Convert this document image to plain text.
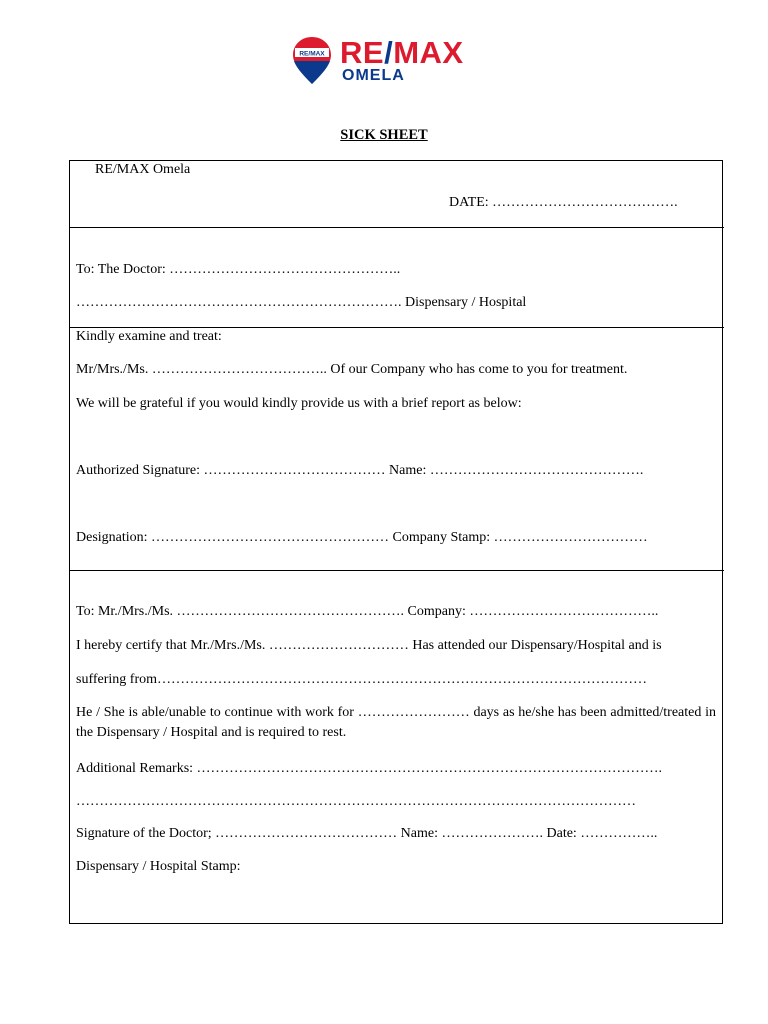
RE/MAX RE/MAX
OMELA
SICK SHEET
RE/MAX Omela
DATE: ………………………………….
To: The Doctor: …………………………………………..
……………………………………………………………. Dispensary / Hospital
Kindly examine and treat:
Mr/Mrs./Ms. ……………………………….. Of our Company who has come to you for treatment.
We will be grateful if you would kindly provide us with a brief report as below:
Authorized Signature: ………………………………… Name: ……………………………………….
Designation: …………………………………………… Company Stamp: ……………………………
To: Mr./Mrs./Ms. …………………………………………. Company: …………………………………..
I hereby certify that Mr./Mrs./Ms. ………………………… Has attended our Dispensary/Hospital and is
suffering from……………………………………………………………………………………………
He / She is able/unable to continue with work for …………………… days as he/she has been admitted/treated in the Dispensary / Hospital and is required to rest.
Additional Remarks: ……………………………………………………………………………………….
…………………………………………………………………………………………………………
Signature of the Doctor; ………………………………… Name: …………………. Date: ……………..
Dispensary / Hospital Stamp:
